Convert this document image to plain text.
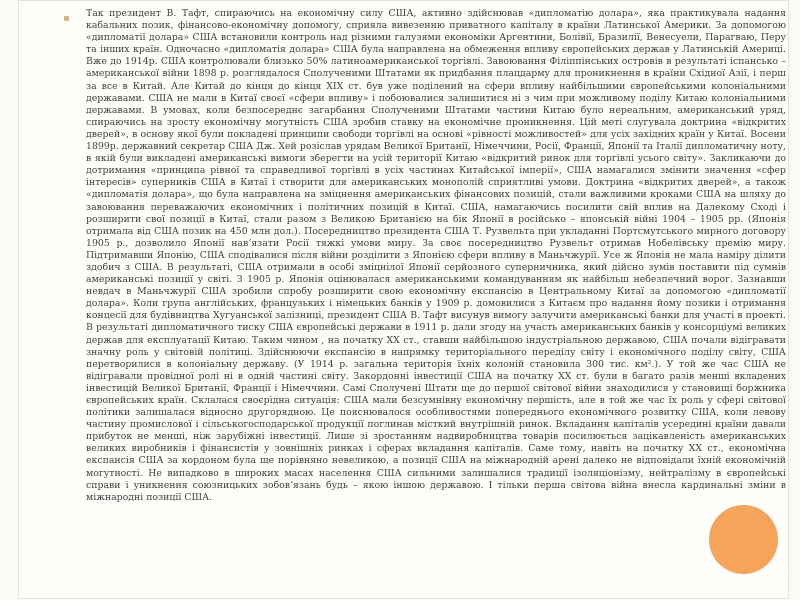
Так президент В. Тафт, спираючись на економічну силу США, активно здійснював «дипломатію долара», яка практикувала надання кабальних позик, фінансово-економічну допомогу, сприяла вивезенню приватного капіталу в країни Латинської Америки. За допомогою «дипломатії долара» США встановили контроль над різними галузями економіки Аргентини, Болівії, Бразилії, Венесуели, Парагваю, Перу та інших країн. Одночасно «дипломатія долара» США була направлена на обмеження впливу європейських держав у Латинській Америці. Вже до 1914р. США контролювали близько 50% латиноамериканської торгівлі. Завоювання Філіппінських островів в результаті іспансько – американської війни 1898 р. розглядалося Сполученими Штатами як придбання плацдарму для проникнення в країни Східної Азії, і перш за все в Китай. Але Китай до кінця до кінця XIX ст. був уже поділений на сфери впливу найбільшими європейськими колоніальними державами. США не мали в Китаї своєї «сфери впливу» і побоювалися залишитися ні з чим при можливому поділу Китаю колоніальними державами. В умовах, коли безпосереднє загарбання Сполученими Штатами частини Китаю було нереальним, американський уряд, спираючись на зросту економічну могутність США зробив ставку на економічне проникнення. Цій меті слугувала доктрина «відкритих дверей», в основу якої були покладені принципи свободи торгівлі на основі «рівності можливостей» для усіх західних країн у Китаї. Восени 1899р. державний секретар США Дж. Хей розіслав урядам Великої Британії, Німеччини, Росії, Франції, Японії та Італії дипломатичну ноту, в якій були викладені американські вимоги зберегти на усій території Китаю «відкритий ринок для торгівлі усього світу». Закликаючи до дотримання «принципа рівної та справедливої торгівлі в усіх частинах Китайської імперії», США намагалися змінити значення «сфер інтересів» суперників США в Китаї і створити для американських монополій сприятливі умови. Доктрина «відкритих дверей», а також «дипломатія долара», що була направлена на зміцнення американських фінансових позицій, стали важливими кроками США на шляху до завоювання переважаючих економічних і політичних позицій в Китаї. США, намагаючись посилити свій вплив на Далекому Сході і розширити свої позиції в Китаї, стали разом з Великою Британією на бік Японії в російсько – японській війні 1904 – 1905 рр. (Японія отримала від США позик на 450 млн дол.). Посередництво президента США Т. Рузвельта при укладанні Портсмутського мирного договору 1905 р., дозволило Японії навʼязати Росії тяжкі умови миру. За своє посередництво Рузвельт отримав Нобелівську премію миру. Підтримавши Японію, США сподівалися після війни розділити з Японією сфери впливу в Маньчжурії. Усе ж Японія не мала наміру ділити здобич з США. В результаті, США отримали в особі зміцнілої Японії серйозного суперничника, який дійсно зумів поставити під сумнів американські позиції у світі. З 1905 р. Японія оцінювалася американськими командуванням як найбільш небезпечний ворог. Зазнавши невдач в Маньчжурії США зробили спробу розширити свою економічну експансію в Центральному Китаї за допомогою «дипломатії долара». Коли група англійських, французьких і німецьких банків у 1909 р. домовилися з Китаєм про надання йому позики і отримання концесії для будівництва Хугуанської залізниці, президент США В. Тафт висунув вимогу залучити американські банки для участі в проекті. В результаті дипломатичного тиску США європейські держави в 1911 р. дали згоду на участь американських банків у консорціумі великих держав для експлуатації Китаю. Таким чином , на початку XX ст., ставши найбільшою індустріальною державою, США почали відігравати значну роль у світовій політиці. Здійснюючи експансію в напрямку територіального переділу світу і економічного поділу світу, США перетворилися в колоніальну державу. (У 1914 р. загальна територія їхніх колоній становила 300 тис. км².). У той же час США не відігравали провідної ролі ні в одній частині світу. Закордонні інвестиції США на початку XX ст. були в багато разів менші вкладених інвестицій Великої Британії, Франції і Німеччини. Самі Сполучені Штати ще до першої світової війни знаходилися у становищі боржника європейських країн. Склалася своєрідна ситуація: США мали безсумнівну економічну першість, але в той же час їх роль у сфері світової політики залишалася відносно другорядною. Це пояснювалося особливостями попереднього економічного розвитку США, коли левову частину промислової і сільськогосподарської продукції поглинав місткий внутрішній ринок. Вкладання капіталів усередині країни давали прибуток не менші, ніж зарубіжні інвестиції. Лише зі зростанням надвиробництва товарів посилюється зацікавленість американських великих виробників і фінансистів у зовнішніх ринках і сферах вкладання капіталів. Саме тому, навіть на початку XX ст., економічна експансія США за кордоном була ще порівняно невеликою, а позиції США на міжнародній арені далеко не відповідали їхній економічній могутності. Не випадково в широких масах населення США сильними залишалися традиції ізоляціонізму, нейтралізму в європейські справи і уникнення союзницьких зобовʼязань будь – якою іншою державою. І тільки перша світова війна внесла кардинальні зміни в міжнародні позиції США.
